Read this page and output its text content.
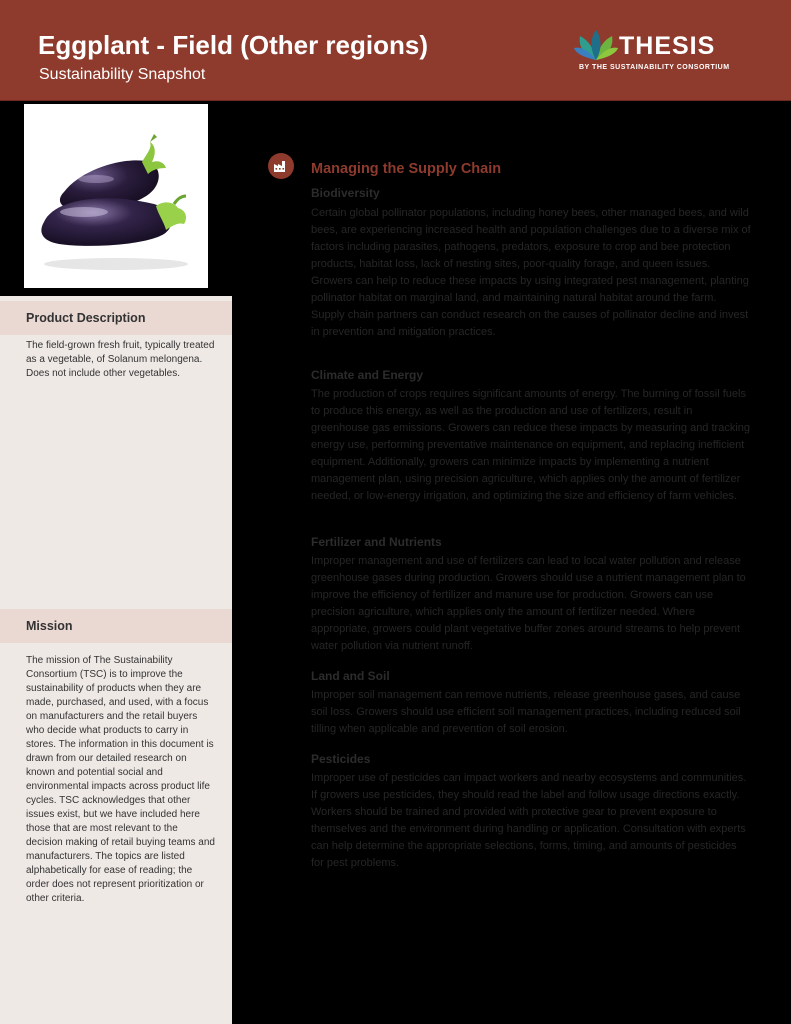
Eggplant - Field (Other regions)
Sustainability Snapshot
THESIS
BY THE SUSTAINABILITY CONSORTIUM
Product Description
The field-grown fresh fruit, typically treated as a vegetable, of Solanum melongena. Does not include other vegetables.
Mission
The mission of The Sustainability Consortium (TSC) is to improve the sustainability of products when they are made, purchased, and used, with a focus on manufacturers and the retail buyers who decide what products to carry in stores. The information in this document is drawn from our detailed research on known and potential social and environmental impacts across product life cycles. TSC acknowledges that other issues exist, but we have included here those that are most relevant to the decision making of retail buying teams and manufacturers. The topics are listed alphabetically for ease of reading; the order does not represent prioritization or other criteria.
Managing the Supply Chain
Biodiversity
Certain global pollinator populations, including honey bees, other managed bees, and wild bees, are experiencing increased health and population challenges due to a diverse mix of factors including parasites, pathogens, predators, exposure to crop and bee protection products, habitat loss, lack of nesting sites, poor-quality forage, and queen issues. Growers can help to reduce these impacts by using integrated pest management, planting pollinator habitat on marginal land, and maintaining natural habitat around the farm. Supply chain partners can conduct research on the causes of pollinator decline and invest in prevention and mitigation practices.
Climate and Energy
The production of crops requires significant amounts of energy. The burning of fossil fuels to produce this energy, as well as the production and use of fertilizers, result in greenhouse gas emissions. Growers can reduce these impacts by measuring and tracking energy use, performing preventative maintenance on equipment, and replacing inefficient equipment. Additionally, growers can minimize impacts by implementing a nutrient management plan, using precision agriculture, which applies only the amount of fertilizer needed, or low-energy irrigation, and optimizing the size and efficiency of farm vehicles.
Fertilizer and Nutrients
Improper management and use of fertilizers can lead to local water pollution and release greenhouse gases during production. Growers should use a nutrient management plan to improve the efficiency of fertilizer and manure use for production. Growers can use precision agriculture, which applies only the amount of fertilizer needed. Where appropriate, growers could plant vegetative buffer zones around streams to help prevent water pollution via nutrient runoff.
Land and Soil
Improper soil management can remove nutrients, release greenhouse gases, and cause soil loss. Growers should use efficient soil management practices, including reduced soil tilling when applicable and prevention of soil erosion.
Pesticides
Improper use of pesticides can impact workers and nearby ecosystems and communities. If growers use pesticides, they should read the label and follow usage directions exactly. Workers should be trained and provided with protective gear to prevent exposure to themselves and the environment during handling or application. Consultation with experts can help determine the appropriate selections, forms, timing, and amounts of pesticides for pest problems.
